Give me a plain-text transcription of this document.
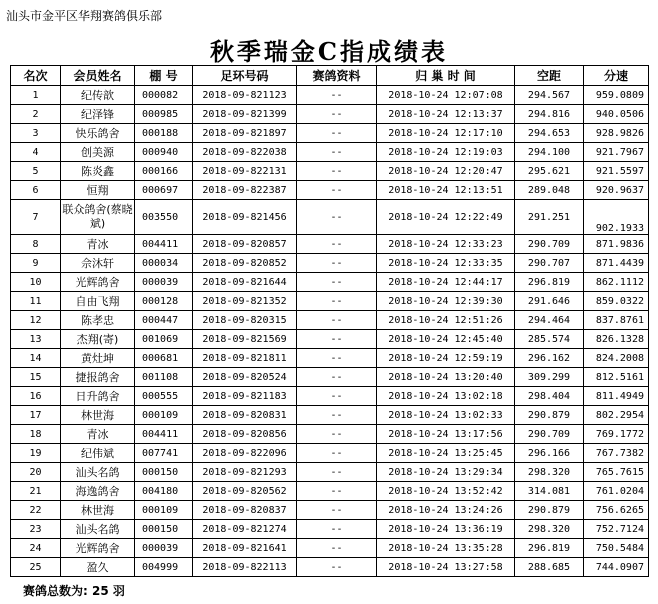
汕头市金平区华翔赛鸽俱乐部
秋季瑞金C指成绩表
名次	会员姓名	棚 号	足环号码	赛鸽资料	归 巢 时 间	空距	分速
1	纪传歆	000082	2018-09-821123	--	2018-10-24 12:07:08	294.567	959.0809
2	纪泽锋	000985	2018-09-821399	--	2018-10-24 12:13:37	294.816	940.0506
3	快乐鸽舍	000188	2018-09-821897	--	2018-10-24 12:17:10	294.653	928.9826
4	创美源	000940	2018-09-822038	--	2018-10-24 12:19:03	294.100	921.7967
5	陈炎鑫	000166	2018-09-822131	--	2018-10-24 12:20:47	295.621	921.5597
6	恒翔	000697	2018-09-822387	--	2018-10-24 12:13:51	289.048	920.9637
7	联众鸽舍(蔡晓斌)	003550	2018-09-821456	--	2018-10-24 12:22:49	291.251	902.1933
8	青冰	004411	2018-09-820857	--	2018-10-24 12:33:23	290.709	871.9836
9	佘沐轩	000034	2018-09-820852	--	2018-10-24 12:33:35	290.707	871.4439
10	光辉鸽舍	000039	2018-09-821644	--	2018-10-24 12:44:17	296.819	862.1112
11	自由飞翔	000128	2018-09-821352	--	2018-10-24 12:39:30	291.646	859.0322
12	陈孝忠	000447	2018-09-820315	--	2018-10-24 12:51:26	294.464	837.8761
13	杰翔(寄)	001069	2018-09-821569	--	2018-10-24 12:45:40	285.574	826.1328
14	黄灶坤	000681	2018-09-821811	--	2018-10-24 12:59:19	296.162	824.2008
15	捷报鸽舍	001108	2018-09-820524	--	2018-10-24 13:20:40	309.299	812.5161
16	日升鸽舍	000555	2018-09-821183	--	2018-10-24 13:02:18	298.404	811.4949
17	林世海	000109	2018-09-820831	--	2018-10-24 13:02:33	290.879	802.2954
18	青冰	004411	2018-09-820856	--	2018-10-24 13:17:56	290.709	769.1772
19	纪伟斌	007741	2018-09-822096	--	2018-10-24 13:25:45	296.166	767.7382
20	汕头名鸽	000150	2018-09-821293	--	2018-10-24 13:29:34	298.320	765.7615
21	海逸鸽舍	004180	2018-09-820562	--	2018-10-24 13:52:42	314.081	761.0204
22	林世海	000109	2018-09-820837	--	2018-10-24 13:24:26	290.879	756.6265
23	汕头名鸽	000150	2018-09-821274	--	2018-10-24 13:36:19	298.320	752.7124
24	光辉鸽舍	000039	2018-09-821641	--	2018-10-24 13:35:28	296.819	750.5484
25	盈久	004999	2018-09-822113	--	2018-10-24 13:27:58	288.685	744.0907
赛鸽总数为: 25 羽
